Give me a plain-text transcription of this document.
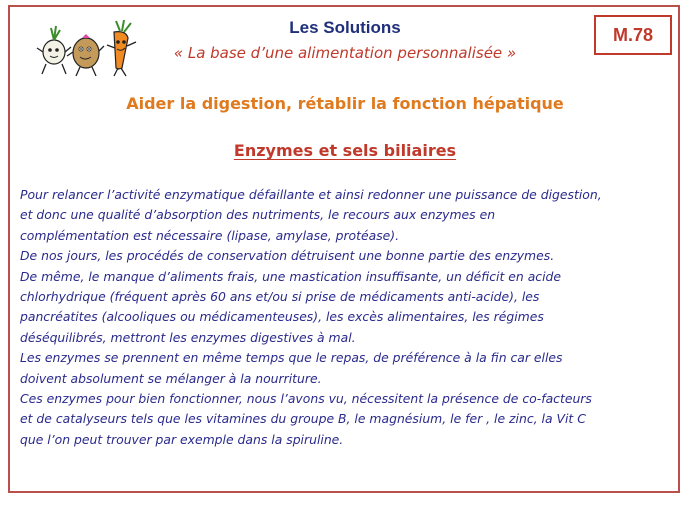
Les Solutions
« La base d’une alimentation personnalisée »
M.78
Aider la digestion, rétablir la fonction hépatique
Enzymes et sels biliaires
Pour relancer l’activité enzymatique défaillante et ainsi redonner une puissance de digestion,
et donc une qualité d’absorption des nutriments, le recours aux enzymes en
complémentation est nécessaire (lipase, amylase, protéase).
De nos jours, les procédés de conservation détruisent une bonne partie des enzymes.
De même, le manque d’aliments frais, une mastication insuffisante, un déficit en acide
chlorhydrique (fréquent après 60 ans et/ou si prise de médicaments anti-acide), les
pancréatites (alcooliques ou médicamenteuses), les excès alimentaires, les régimes
déséquilibrés, mettront les enzymes digestives à mal.
Les enzymes se prennent en même temps que le repas, de préférence à la fin car elles
doivent absolument se mélanger à la nourriture.
Ces enzymes pour bien fonctionner, nous l’avons vu, nécessitent la présence de co-facteurs
et de catalyseurs tels que les vitamines du groupe B, le magnésium, le fer , le zinc, la Vit C
que l’on peut trouver par exemple dans la spiruline.
